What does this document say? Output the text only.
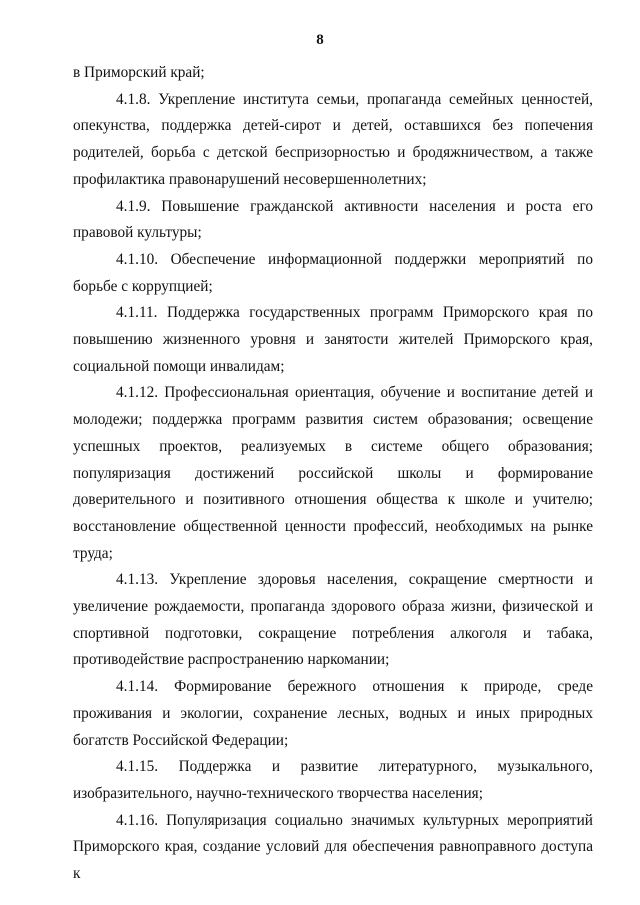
8

в Приморский край;

4.1.8. Укрепление института семьи, пропаганда семейных ценностей, опекунства, поддержка детей-сирот и детей, оставшихся без попечения родителей, борьба с детской беспризорностью и бродяжничеством, а также профилактика правонарушений несовершеннолетних;

4.1.9. Повышение гражданской активности населения и роста его правовой культуры;

4.1.10. Обеспечение информационной поддержки мероприятий по борьбе с коррупцией;

4.1.11. Поддержка государственных программ Приморского края по повышению жизненного уровня и занятости жителей Приморского края, социальной помощи инвалидам;

4.1.12. Профессиональная ориентация, обучение и воспитание детей и молодежи; поддержка программ развития систем образования; освещение успешных проектов, реализуемых в системе общего образования; популяризация достижений российской школы и формирование доверительного и позитивного отношения общества к школе и учителю; восстановление общественной ценности профессий, необходимых на рынке труда;

4.1.13. Укрепление здоровья населения, сокращение смертности и увеличение рождаемости, пропаганда здорового образа жизни, физической и спортивной подготовки, сокращение потребления алкоголя и табака, противодействие распространению наркомании;

4.1.14. Формирование бережного отношения к природе, среде проживания и экологии, сохранение лесных, водных и иных природных богатств Российской Федерации;

4.1.15. Поддержка и развитие литературного, музыкального, изобразительного, научно-технического творчества населения;

4.1.16. Популяризация социально значимых культурных мероприятий Приморского края, создание условий для обеспечения равноправного доступа к
